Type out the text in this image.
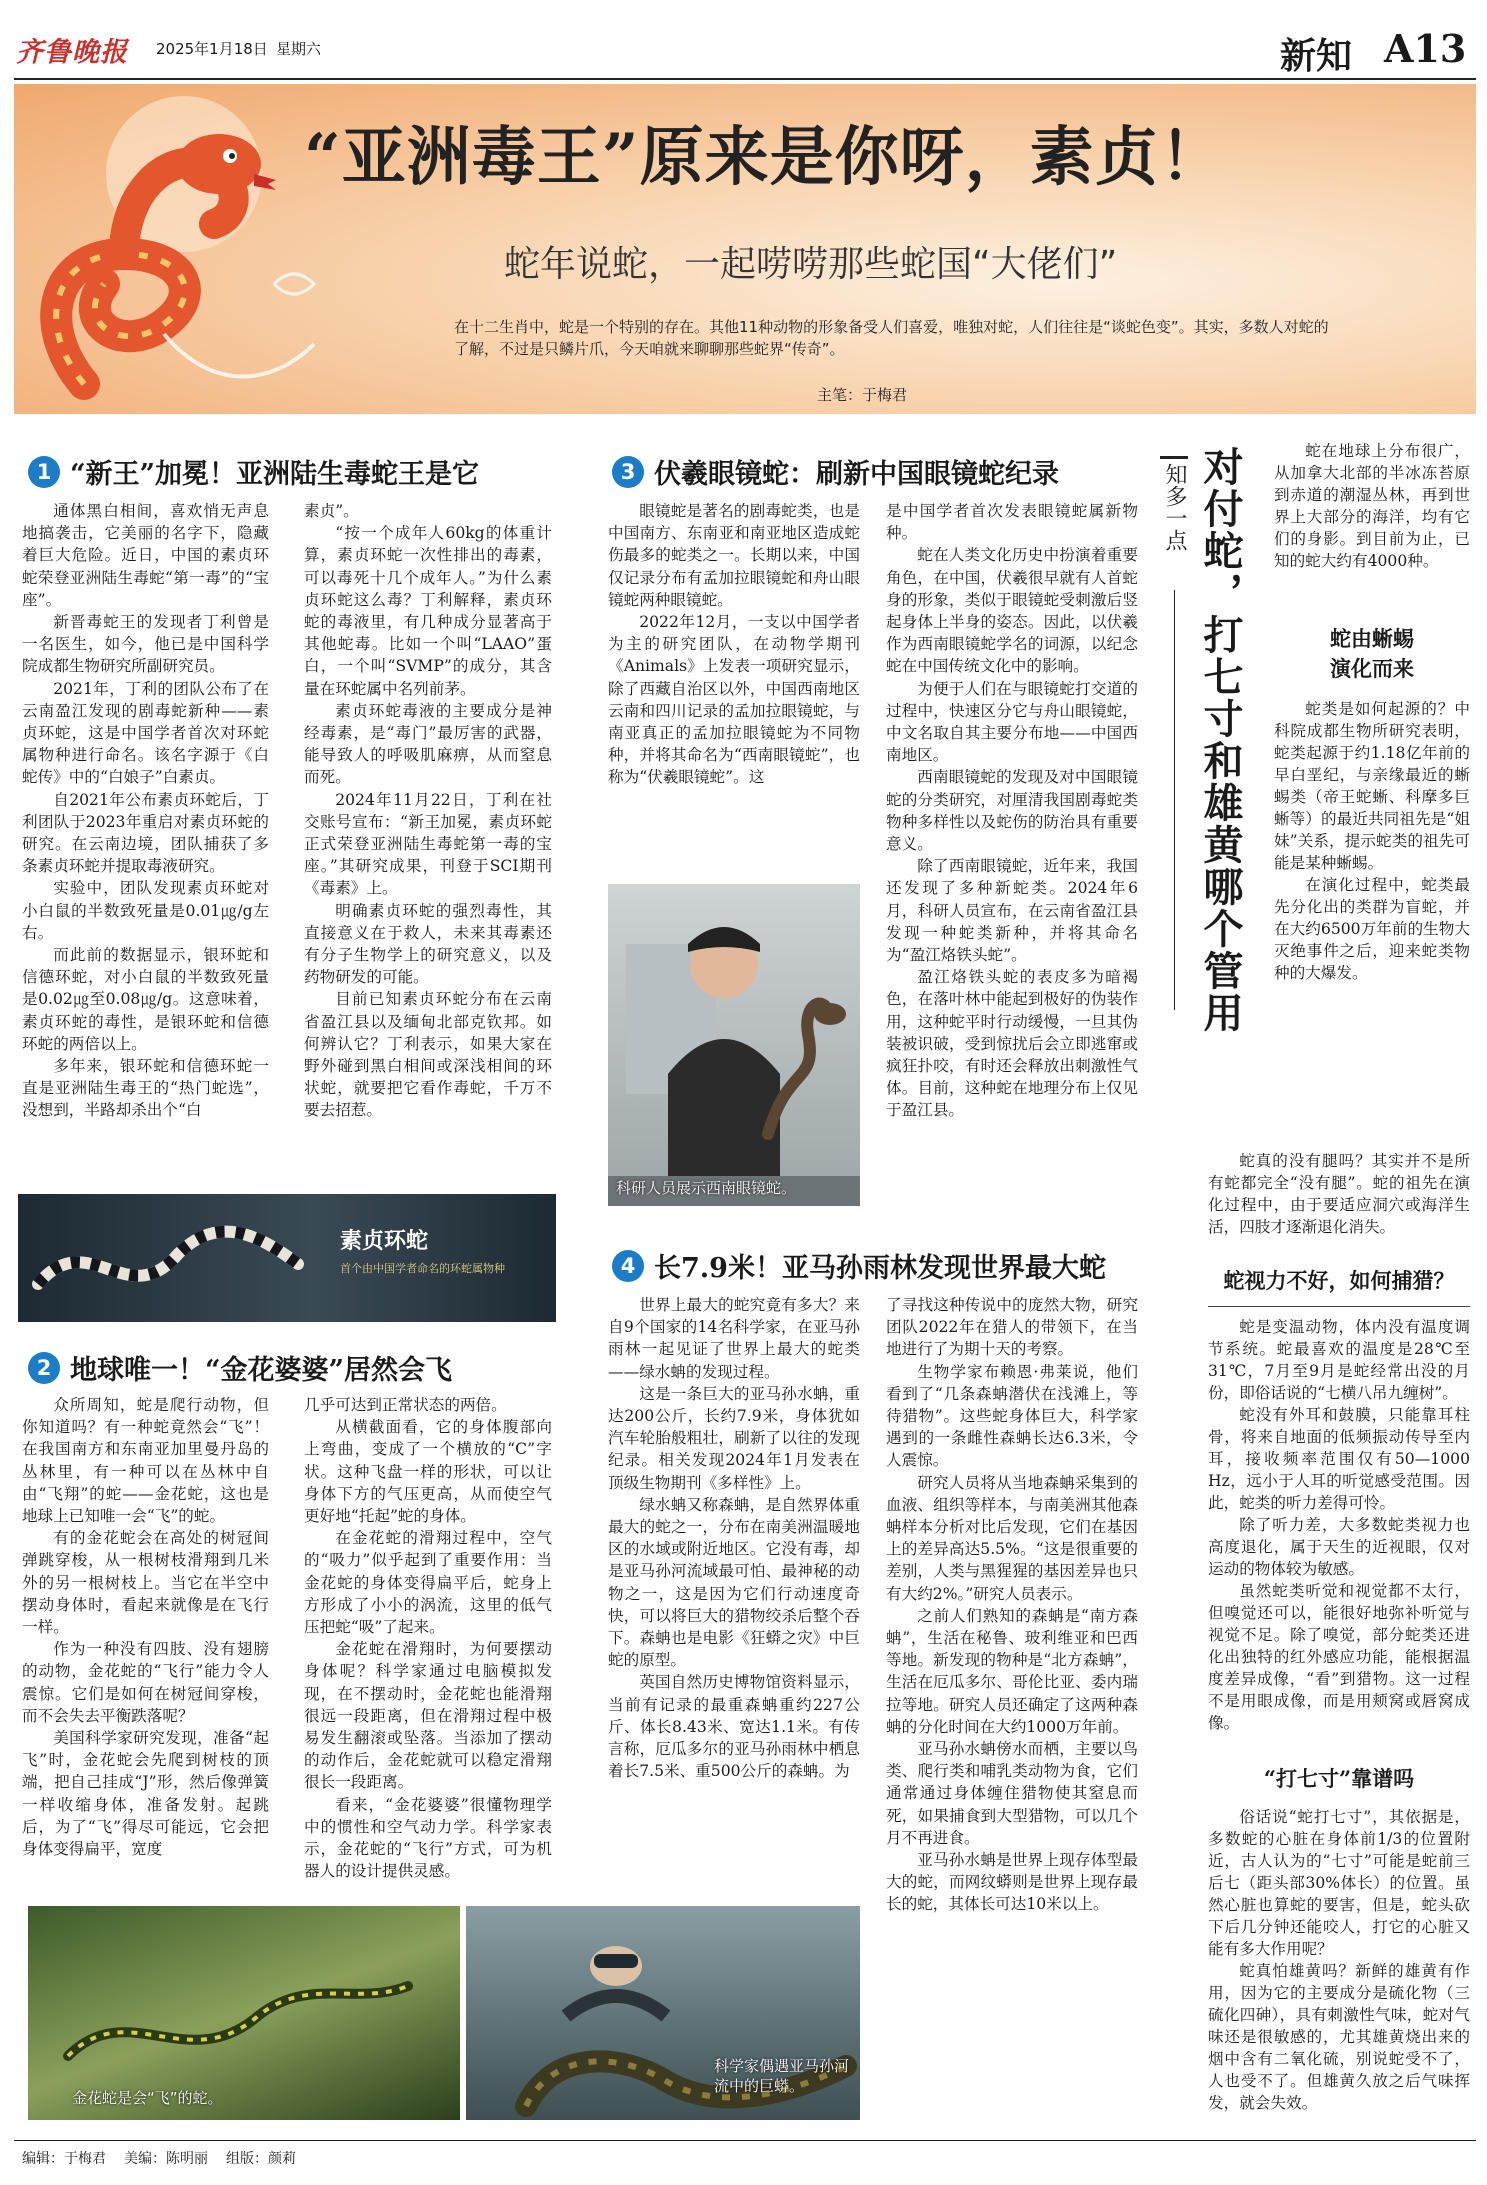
齐鲁晚报 2025年1月18日 星期六	新知 A13
“亚洲毒王”原来是你呀，素贞！
蛇年说蛇，一起唠唠那些蛇国“大佬们”
在十二生肖中，蛇是一个特别的存在。其他11种动物的形象备受人们喜爱，唯独对蛇，人们往往是“谈蛇色变”。其实，多数人对蛇的了解，不过是只鳞片爪，今天咱就来聊聊那些蛇界“传奇”。
主笔：于梅君
1 “新王”加冕！亚洲陆生毒蛇王是它

通体黑白相间，喜欢悄无声息地搞袭击，它美丽的名字下，隐藏着巨大危险。近日，中国的素贞环蛇荣登亚洲陆生毒蛇“第一毒”的“宝座”。

新晋毒蛇王的发现者丁利曾是一名医生，如今，他已是中国科学院成都生物研究所副研究员。

2021年，丁利的团队公布了在云南盈江发现的剧毒蛇新种——素贞环蛇，这是中国学者首次对环蛇属物种进行命名。该名字源于《白蛇传》中的“白娘子”白素贞。

自2021年公布素贞环蛇后，丁利团队于2023年重启对素贞环蛇的研究。在云南边境，团队捕获了多条素贞环蛇并提取毒液研究。

实验中，团队发现素贞环蛇对小白鼠的半数致死量是0.01㎍/g左右。

而此前的数据显示，银环蛇和信德环蛇，对小白鼠的半数致死量是0.02㎍至0.08㎍/g。这意味着，素贞环蛇的毒性，是银环蛇和信德环蛇的两倍以上。

多年来，银环蛇和信德环蛇一直是亚洲陆生毒王的“热门蛇选”，没想到，半路却杀出个“白

素贞”。

“按一个成年人60kg的体重计算，素贞环蛇一次性排出的毒素，可以毒死十几个成年人。”为什么素贞环蛇这么毒？丁利解释，素贞环蛇的毒液里，有几种成分显著高于其他蛇毒。比如一个叫“LAAO”蛋白，一个叫“SVMP”的成分，其含量在环蛇属中名列前茅。

素贞环蛇毒液的主要成分是神经毒素，是“毒门”最厉害的武器，能导致人的呼吸肌麻痹，从而窒息而死。

2024年11月22日，丁利在社交账号宣布：“新王加冕，素贞环蛇正式荣登亚洲陆生毒蛇第一毒的宝座。”其研究成果，刊登于SCI期刊《毒素》上。

明确素贞环蛇的强烈毒性，其直接意义在于救人，未来其毒素还有分子生物学上的研究意义，以及药物研发的可能。

目前已知素贞环蛇分布在云南省盈江县以及缅甸北部克钦邦。如何辨认它？丁利表示，如果大家在野外碰到黑白相间或深浅相间的环状蛇，就要把它看作毒蛇，千万不要去招惹。

素贞环蛇
首个由中国学者命名的环蛇属物种
2 地球唯一！“金花婆婆”居然会飞

众所周知，蛇是爬行动物，但你知道吗？有一种蛇竟然会“飞”！在我国南方和东南亚加里曼丹岛的丛林里，有一种可以在丛林中自由“飞翔”的蛇——金花蛇，这也是地球上已知唯一会“飞”的蛇。

有的金花蛇会在高处的树冠间弹跳穿梭，从一根树枝滑翔到几米外的另一根树枝上。当它在半空中摆动身体时，看起来就像是在飞行一样。

作为一种没有四肢、没有翅膀的动物，金花蛇的“飞行”能力令人震惊。它们是如何在树冠间穿梭，而不会失去平衡跌落呢？

美国科学家研究发现，准备“起飞”时，金花蛇会先爬到树枝的顶端，把自己挂成“J”形，然后像弹簧一样收缩身体，准备发射。起跳后，为了“飞”得尽可能远，它会把身体变得扁平，宽度

几乎可达到正常状态的两倍。

从横截面看，它的身体腹部向上弯曲，变成了一个横放的“C”字状。这种飞盘一样的形状，可以让身体下方的气压更高，从而使空气更好地“托起”蛇的身体。

在金花蛇的滑翔过程中，空气的“吸力”似乎起到了重要作用：当金花蛇的身体变得扁平后，蛇身上方形成了小小的涡流，这里的低气压把蛇“吸”了起来。

金花蛇在滑翔时，为何要摆动身体呢？科学家通过电脑模拟发现，在不摆动时，金花蛇也能滑翔很远一段距离，但在滑翔过程中极易发生翻滚或坠落。当添加了摆动的动作后，金花蛇就可以稳定滑翔很长一段距离。

看来，“金花婆婆”很懂物理学中的惯性和空气动力学。科学家表示，金花蛇的“飞行”方式，可为机器人的设计提供灵感。

金花蛇是会“飞”的蛇。
3 伏羲眼镜蛇：刷新中国眼镜蛇纪录

眼镜蛇是著名的剧毒蛇类，也是中国南方、东南亚和南亚地区造成蛇伤最多的蛇类之一。长期以来，中国仅记录分布有孟加拉眼镜蛇和舟山眼镜蛇两种眼镜蛇。

2022年12月，一支以中国学者为主的研究团队，在动物学期刊《Animals》上发表一项研究显示，除了西藏自治区以外，中国西南地区云南和四川记录的孟加拉眼镜蛇，与南亚真正的孟加拉眼镜蛇为不同物种，并将其命名为“西南眼镜蛇”，也称为“伏羲眼镜蛇”。这

科研人员展示西南眼镜蛇。

是中国学者首次发表眼镜蛇属新物种。

蛇在人类文化历史中扮演着重要角色，在中国，伏羲很早就有人首蛇身的形象，类似于眼镜蛇受刺激后竖起身体上半身的姿态。因此，以伏羲作为西南眼镜蛇学名的词源，以纪念蛇在中国传统文化中的影响。

为便于人们在与眼镜蛇打交道的过程中，快速区分它与舟山眼镜蛇，中文名取自其主要分布地——中国西南地区。

西南眼镜蛇的发现及对中国眼镜蛇的分类研究，对厘清我国剧毒蛇类物种多样性以及蛇伤的防治具有重要意义。

除了西南眼镜蛇，近年来，我国还发现了多种新蛇类。2024年6月，科研人员宣布，在云南省盈江县发现一种蛇类新种，并将其命名为“盈江烙铁头蛇”。

盈江烙铁头蛇的表皮多为暗褐色，在落叶林中能起到极好的伪装作用，这种蛇平时行动缓慢，一旦其伪装被识破，受到惊扰后会立即逃窜或疯狂扑咬，有时还会释放出刺激性气体。目前，这种蛇在地理分布上仅见于盈江县。

4 长7.9米！亚马孙雨林发现世界最大蛇

世界上最大的蛇究竟有多大？来自9个国家的14名科学家，在亚马孙雨林一起见证了世界上最大的蛇类——绿水蚺的发现过程。

这是一条巨大的亚马孙水蚺，重达200公斤，长约7.9米，身体犹如汽车轮胎般粗壮，刷新了以往的发现纪录。相关发现2024年1月发表在顶级生物期刊《多样性》上。

绿水蚺又称森蚺，是自然界体重最大的蛇之一，分布在南美洲温暖地区的水域或附近地区。它没有毒，却是亚马孙河流域最可怕、最神秘的动物之一，这是因为它们行动速度奇快，可以将巨大的猎物绞杀后整个吞下。森蚺也是电影《狂蟒之灾》中巨蛇的原型。

英国自然历史博物馆资料显示，当前有记录的最重森蚺重约227公斤、体长8.43米、宽达1.1米。有传言称，厄瓜多尔的亚马孙雨林中栖息着长7.5米、重500公斤的森蚺。为

了寻找这种传说中的庞然大物，研究团队2022年在猎人的带领下，在当地进行了为期十天的考察。

生物学家布赖恩·弗莱说，他们看到了“几条森蚺潜伏在浅滩上，等待猎物”。这些蛇身体巨大，科学家遇到的一条雌性森蚺长达6.3米，令人震惊。

研究人员将从当地森蚺采集到的血液、组织等样本，与南美洲其他森蚺样本分析对比后发现，它们在基因上的差异高达5.5%。“这是很重要的差别，人类与黑猩猩的基因差异也只有大约2%。”研究人员表示。

之前人们熟知的森蚺是“南方森蚺”，生活在秘鲁、玻利维亚和巴西等地。新发现的物种是“北方森蚺”，生活在厄瓜多尔、哥伦比亚、委内瑞拉等地。研究人员还确定了这两种森蚺的分化时间在大约1000万年前。

亚马孙水蚺傍水而栖，主要以鸟类、爬行类和哺乳类动物为食，它们通常通过身体缠住猎物使其窒息而死，如果捕食到大型猎物，可以几个月不再进食。

亚马孙水蚺是世界上现存体型最大的蛇，而网纹蟒则是世界上现存最长的蛇，其体长可达10米以上。

科学家偶遇亚马孙河流中的巨蟒。
知多一点 对付蛇，打七寸和雄黄哪个管用	蛇在地球上分布很广，从加拿大北部的半冰冻苔原到赤道的潮湿丛林，再到世界上大部分的海洋，均有它们的身影。到目前为止，已知的蛇大约有4000种。

蛇由蜥蜴
演化而来

蛇类是如何起源的？中科院成都生物所研究表明，蛇类起源于约1.18亿年前的早白垩纪，与亲缘最近的蜥蜴类（帝王蛇蜥、科摩多巨蜥等）的最近共同祖先是“姐妹”关系，提示蛇类的祖先可能是某种蜥蜴。

在演化过程中，蛇类最先分化出的类群为盲蛇，并在大约6500万年前的生物大灭绝事件之后，迎来蛇类物种的大爆发。

蛇真的没有腿吗？其实并不是所有蛇都完全“没有腿”。蛇的祖先在演化过程中，由于要适应洞穴或海洋生活，四肢才逐渐退化消失。

蛇视力不好，如何捕猎？

蛇是变温动物，体内没有温度调节系统。蛇最喜欢的温度是28℃至31℃，7月至9月是蛇经常出没的月份，即俗话说的“七横八吊九缠树”。

蛇没有外耳和鼓膜，只能靠耳柱骨，将来自地面的低频振动传导至内耳，接收频率范围仅有50—1000 Hz，远小于人耳的听觉感受范围。因此，蛇类的听力差得可怜。

除了听力差，大多数蛇类视力也高度退化，属于天生的近视眼，仅对运动的物体较为敏感。

虽然蛇类听觉和视觉都不太行，但嗅觉还可以，能很好地弥补听觉与视觉不足。除了嗅觉，部分蛇类还进化出独特的红外感应功能，能根据温度差异成像，“看”到猎物。这一过程不是用眼成像，而是用颊窝或唇窝成像。

“打七寸”靠谱吗

俗话说“蛇打七寸”，其依据是，多数蛇的心脏在身体前1/3的位置附近，古人认为的“七寸”可能是蛇前三后七（距头部30%体长）的位置。虽然心脏也算蛇的要害，但是，蛇头砍下后几分钟还能咬人，打它的心脏又能有多大作用呢？

蛇真怕雄黄吗？新鲜的雄黄有作用，因为它的主要成分是硫化物（三硫化四砷），具有刺激性气味，蛇对气味还是很敏感的，尤其雄黄烧出来的烟中含有二氧化硫，别说蛇受不了，人也受不了。但雄黄久放之后气味挥发，就会失效。

编辑：于梅君 美编：陈明丽 组版：颜莉
